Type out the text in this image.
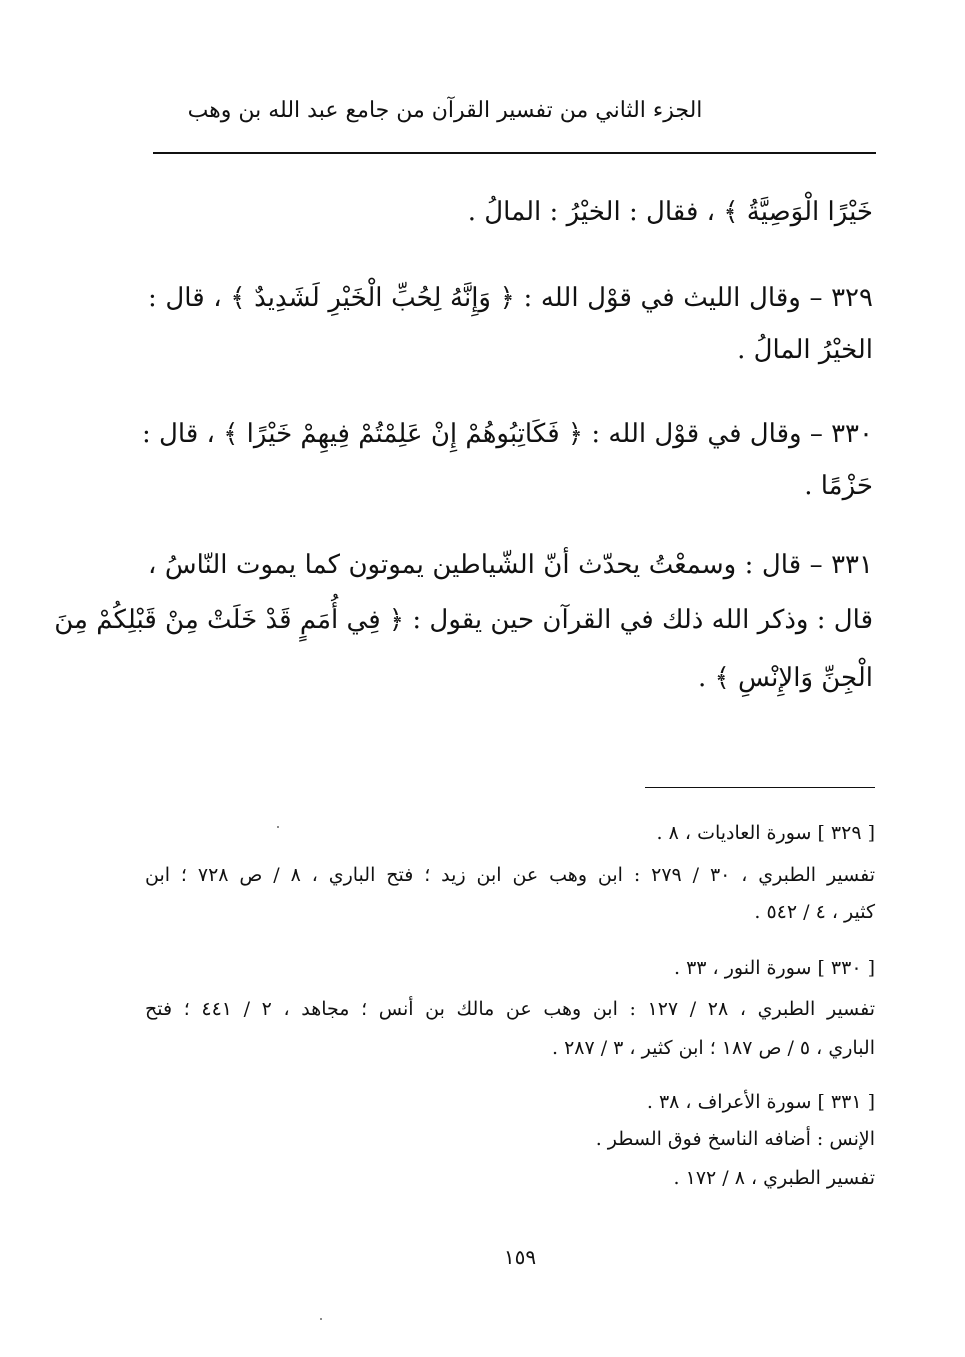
الجزء الثاني من تفسير القرآن من جامع عبد الله بن وهب
خَيْرًا الْوَصِيَّةُ ﴾ ، فقال : الخيْرُ : المالُ .
٣٢٩ – وقال الليث في قوْل الله : ﴿ وَإِنَّهُ لِحُبِّ الْخَيْرِ لَشَدِيدٌ ﴾ ، قال :
الخيْرُ المالُ .
٣٣٠ – وقال في قوْل الله : ﴿ فَكَاتِبُوهُمْ إِنْ عَلِمْتُمْ فِيهِمْ خَيْرًا ﴾ ، قال :
حَزْمًا .
٣٣١ – قال : وسمعْتُ يحدّث أنّ الشّياطين يموتون كما يموت النّاسُ ،
قال : وذكر الله ذلك في القرآن حين يقول : ﴿ فِي أُمَمٍ قَدْ خَلَتْ مِنْ قَبْلِكُمْ مِنَ
الْجِنِّ وَالإِنْسِ ﴾ .
[ ٣٢٩ ] سورة العاديات ، ٨ .
تفسير الطبري ، ٣٠ / ٢٧٩ : ابن وهب عن ابن زيد ؛ فتح الباري ، ٨ / ص ٧٢٨ ؛ ابن
كثير ، ٤ / ٥٤٢ .
[ ٣٣٠ ] سورة النور ، ٣٣ .
تفسير الطبري ، ٢٨ / ١٢٧ : ابن وهب عن مالك بن أنس ؛ مجاهد ، ٢ / ٤٤١ ؛ فتح
الباري ، ٥ / ص ١٨٧ ؛ ابن كثير ، ٣ / ٢٨٧ .
[ ٣٣١ ] سورة الأعراف ، ٣٨ .
الإنس : أضافه الناسخ فوق السطر .
تفسير الطبري ، ٨ / ١٧٢ .
١٥٩
